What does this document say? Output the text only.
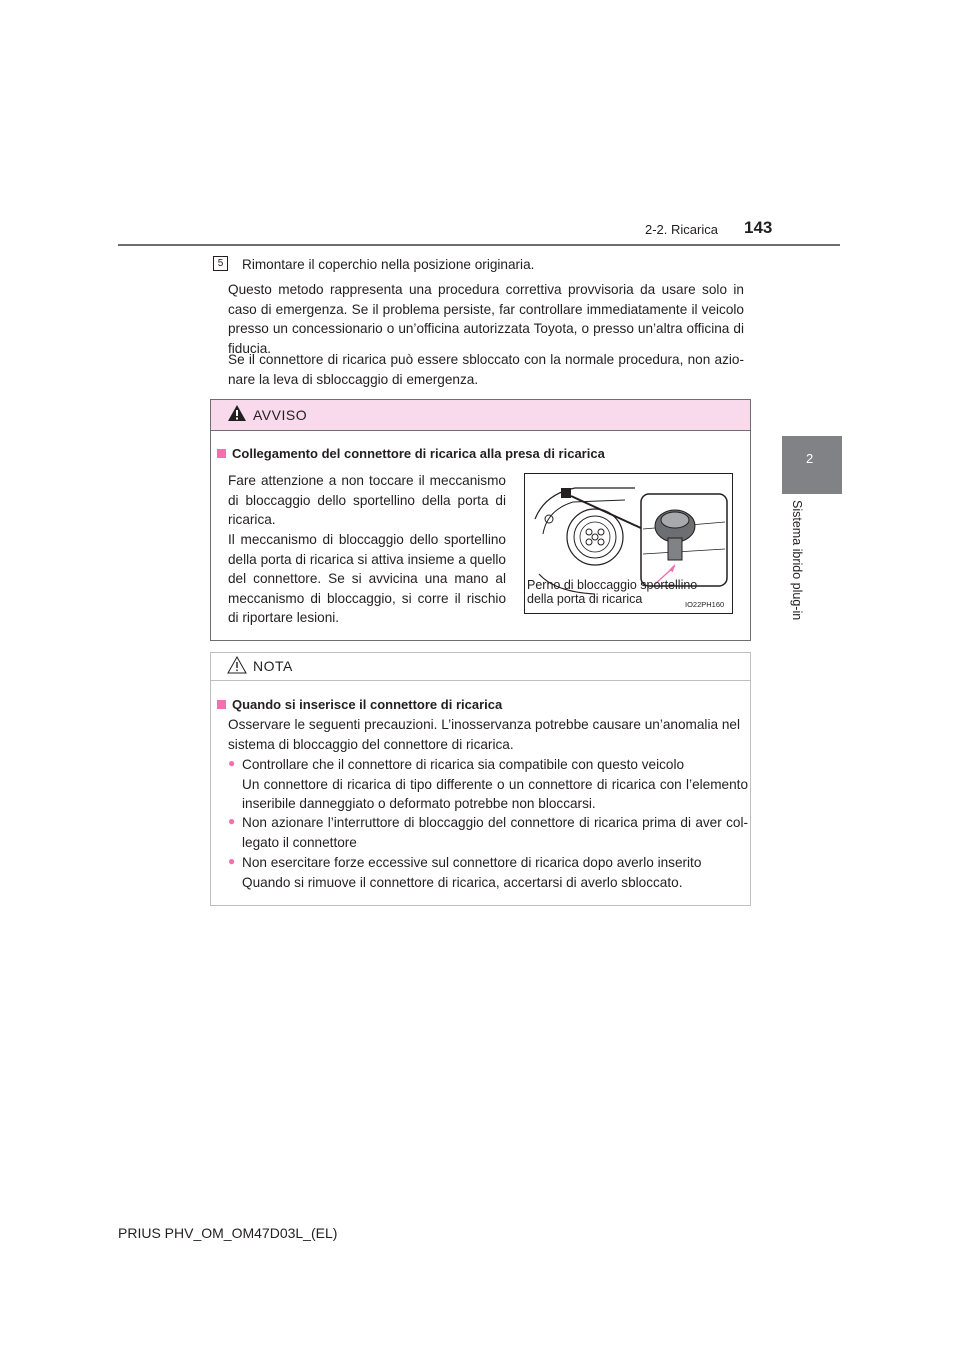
2-2. Ricarica 143
2
Sistema ibrido plug-in
5	Rimontare il coperchio nella posizione originaria.
Questo metodo rappresenta una procedura correttiva provvisoria da usare solo in caso di emergenza. Se il problema persiste, far controllare immediatamente il veicolo presso un concessionario o un’officina autorizzata Toyota, o presso un’altra officina di fiducia.
Se il connettore di ricarica può essere sbloccato con la normale procedura, non azio-nare la leva di sbloccaggio di emergenza.
AVVISO
Collegamento del connettore di ricarica alla presa di ricarica
Fare attenzione a non toccare il meccanismo di bloccaggio dello sportellino della porta di ricarica.
Il meccanismo di bloccaggio dello sportellino della porta di ricarica si attiva insieme a quello del connettore. Se si avvicina una mano al meccanismo di bloccaggio, si corre il rischio di riportare lesioni.
Perno di bloccaggio sportellino
della porta di ricarica	IO22PH160
NOTA
Quando si inserisce il connettore di ricarica
Osservare le seguenti precauzioni. L’inosservanza potrebbe causare un’anomalia nel sistema di bloccaggio del connettore di ricarica.
● Controllare che il connettore di ricarica sia compatibile con questo veicolo
Un connettore di ricarica di tipo differente o un connettore di ricarica con l’elemento inseribile danneggiato o deformato potrebbe non bloccarsi.
● Non azionare l’interruttore di bloccaggio del connettore di ricarica prima di aver col-legato il connettore
● Non esercitare forze eccessive sul connettore di ricarica dopo averlo inserito
Quando si rimuove il connettore di ricarica, accertarsi di averlo sbloccato.
PRIUS PHV_OM_OM47D03L_(EL)
